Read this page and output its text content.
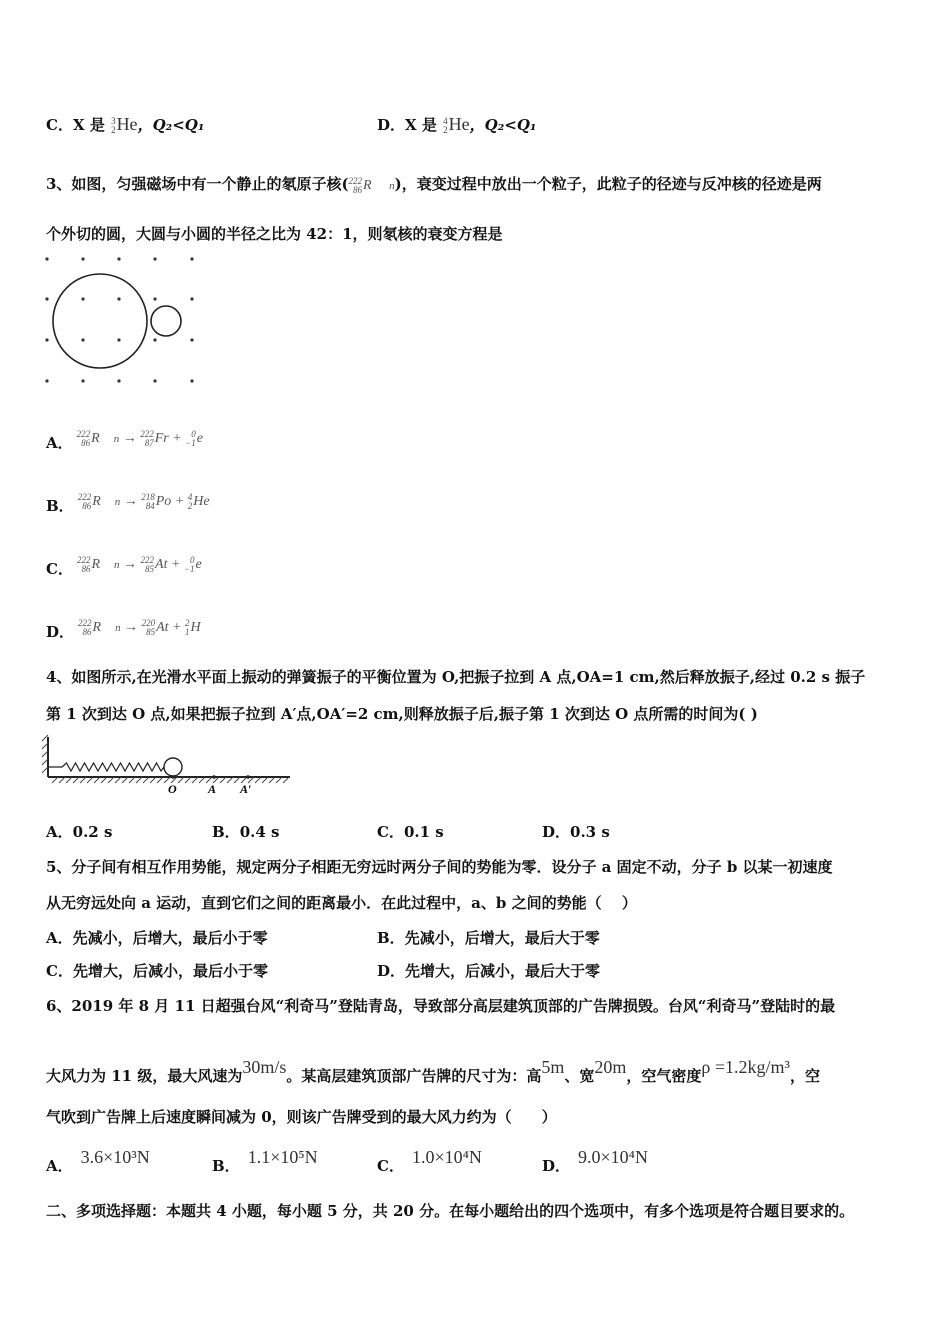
C．X 是 3
2 He，Q₂<Q₁	D．X 是 4
2 He，Q₂<Q₁
3、如图，匀强磁场中有一个静止的氡原子核( 222
86 R n)，衰变过程中放出一个粒子，此粒子的径迹与反冲核的径迹是两
个外切的圆，大圆与小圆的半径之比为 42：1，则氡核的衰变方程是
A．
222
86 R n → 222
87 Fr + 0
−1 e
B．
222
86 R n → 218
84 Po + 4
2 He
C．
222
86 R n → 222
85 At + 0
−1 e
D．
222
86 R n → 220
85 At + 2
1 H
4、如图所示,在光滑水平面上振动的弹簧振子的平衡位置为 O,把振子拉到 A 点,OA=1 cm,然后释放振子,经过 0.2 s 振子
第 1 次到达 O 点,如果把振子拉到 A′点,OA′=2 cm,则释放振子后,振子第 1 次到达 O 点所需的时间为( )
O	A A′
A．0.2 s	B．0.4 s	C．0.1 s	D．0.3 s
5、分子间有相互作用势能，规定两分子相距无穷远时两分子间的势能为零．设分子 a 固定不动，分子 b 以某一初速度
从无穷远处向 a 运动，直到它们之间的距离最小．在此过程中，a、b 之间的势能（　 ）
A．先减小，后增大，最后小于零	B．先减小，后增大，最后大于零
C．先增大，后减小，最后小于零	D．先增大，后减小，最后大于零
6、2019 年 8 月 11 日超强台风“利奇马”登陆青岛，导致部分高层建筑顶部的广告牌损毁。台风“利奇马”登陆时的最
大风力为 11 级，最大风速为30m/s。某高层建筑顶部广告牌的尺寸为：高5m、宽20m，空气密度ρ =1.2kg/m³，空
气吹到广告牌上后速度瞬间减为 0，则该广告牌受到的最大风力约为（　　）
A． 3.6×10³N	B． 1.1×10⁵N	C． 1.0×10⁴N	D． 9.0×10⁴N
二、多项选择题：本题共 4 小题，每小题 5 分，共 20 分。在每小题给出的四个选项中，有多个选项是符合题目要求的。
